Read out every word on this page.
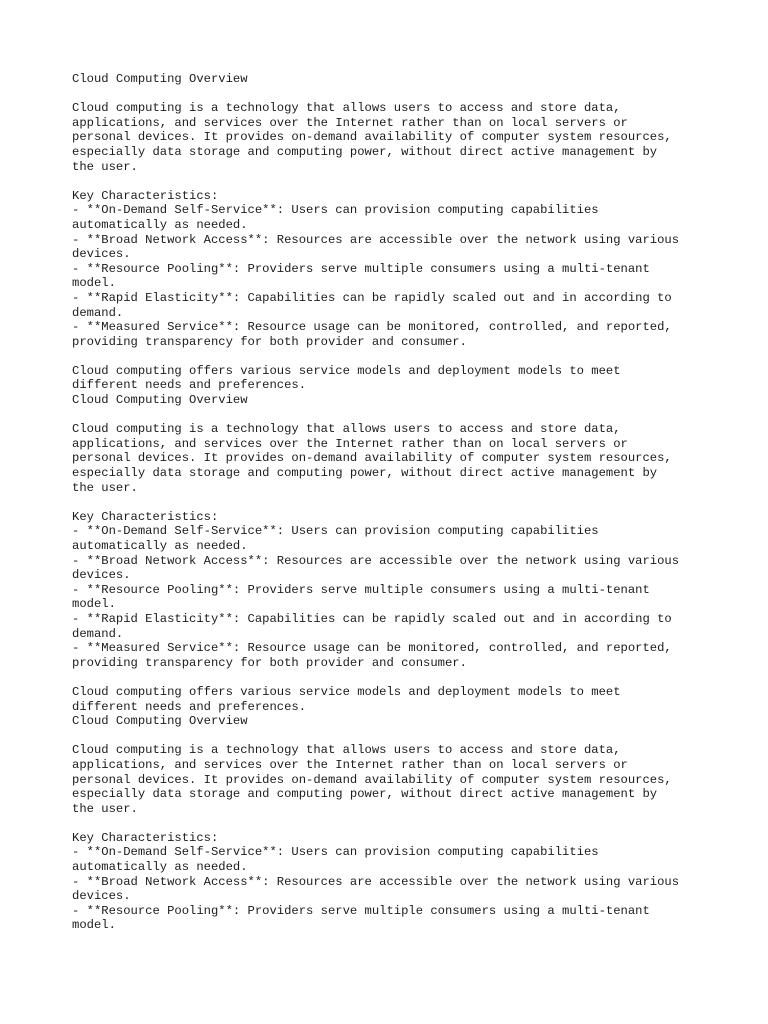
Cloud Computing Overview
Cloud computing is a technology that allows users to access and store data,
applications, and services over the Internet rather than on local servers or
personal devices. It provides on-demand availability of computer system resources,
especially data storage and computing power, without direct active management by
the user.
Key Characteristics:
- **On-Demand Self-Service**: Users can provision computing capabilities
automatically as needed.
- **Broad Network Access**: Resources are accessible over the network using various
devices.
- **Resource Pooling**: Providers serve multiple consumers using a multi-tenant
model.
- **Rapid Elasticity**: Capabilities can be rapidly scaled out and in according to
demand.
- **Measured Service**: Resource usage can be monitored, controlled, and reported,
providing transparency for both provider and consumer.
Cloud computing offers various service models and deployment models to meet
different needs and preferences.
Cloud Computing Overview
Cloud computing is a technology that allows users to access and store data,
applications, and services over the Internet rather than on local servers or
personal devices. It provides on-demand availability of computer system resources,
especially data storage and computing power, without direct active management by
the user.
Key Characteristics:
- **On-Demand Self-Service**: Users can provision computing capabilities
automatically as needed.
- **Broad Network Access**: Resources are accessible over the network using various
devices.
- **Resource Pooling**: Providers serve multiple consumers using a multi-tenant
model.
- **Rapid Elasticity**: Capabilities can be rapidly scaled out and in according to
demand.
- **Measured Service**: Resource usage can be monitored, controlled, and reported,
providing transparency for both provider and consumer.
Cloud computing offers various service models and deployment models to meet
different needs and preferences.
Cloud Computing Overview
Cloud computing is a technology that allows users to access and store data,
applications, and services over the Internet rather than on local servers or
personal devices. It provides on-demand availability of computer system resources,
especially data storage and computing power, without direct active management by
the user.
Key Characteristics:
- **On-Demand Self-Service**: Users can provision computing capabilities
automatically as needed.
- **Broad Network Access**: Resources are accessible over the network using various
devices.
- **Resource Pooling**: Providers serve multiple consumers using a multi-tenant
model.
